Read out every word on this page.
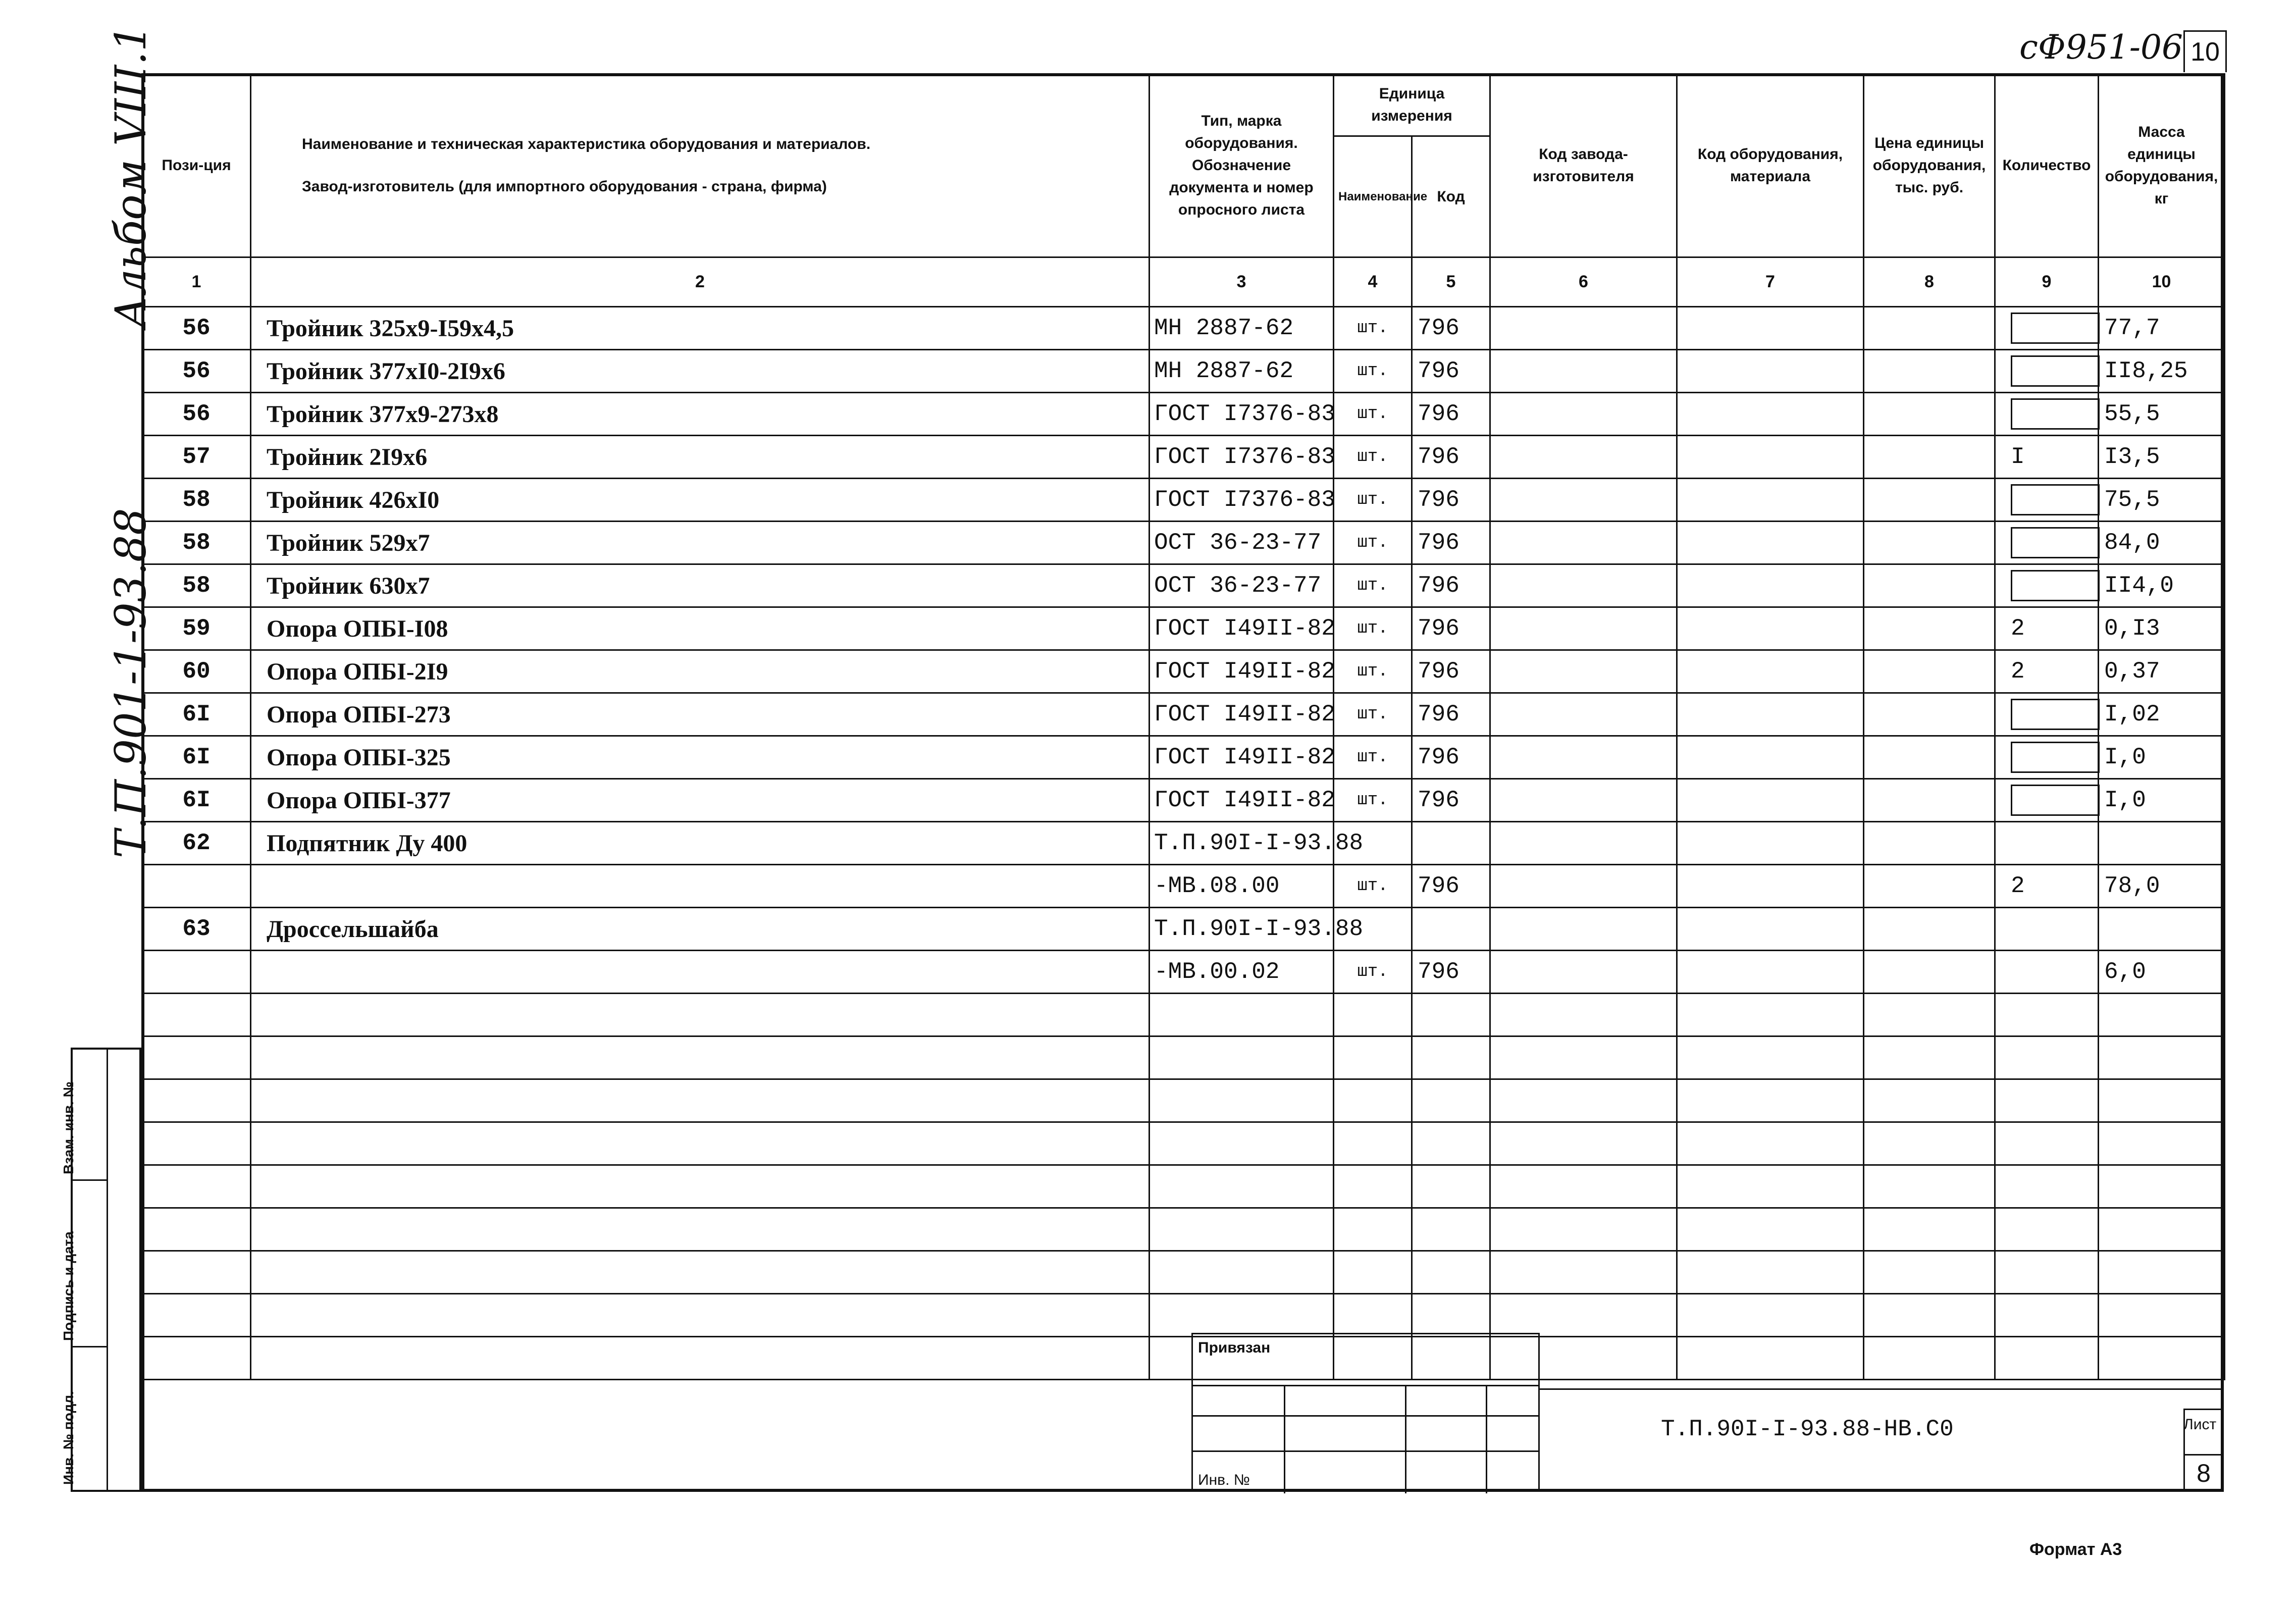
Альбом VIII.1
Т.П.901-1-93.88
сФ951-06 10
Пози-ция	Наименование и техническая характеристика оборудования и материалов.
Завод-изготовитель (для импортного оборудования - страна, фирма)	Тип, марка оборудования. Обозначение документа и номер опросного листа	Единица измерения		Код завода-изготовителя	Код оборудования, материала	Цена единицы оборудования, тыс. руб.	Количество	Масса единицы оборудования, кг
			Наименование	Код					
1	2	3	4	5	6	7	8	9	10
56	Тройник 325x9-I59x4,5	МН 2887-62	шт.	796					77,7
56	Тройник 377xI0-2I9x6	МН 2887-62	шт.	796					II8,25
56	Тройник 377x9-273x8	ГОСТ I7376-83	шт.	796					55,5
57	Тройник 2I9x6	ГОСТ I7376-83	шт.	796				I	I3,5
58	Тройник 426xI0	ГОСТ I7376-83	шт.	796					75,5
58	Тройник 529x7	ОСТ 36-23-77	шт.	796					84,0
58	Тройник 630x7	ОСТ 36-23-77	шт.	796					II4,0
59	Опора ОПБI-I08	ГОСТ I49II-82	шт.	796				2	0,I3
60	Опора ОПБI-2I9	ГОСТ I49II-82	шт.	796				2	0,37
6I	Опора ОПБI-273	ГОСТ I49II-82	шт.	796					I,02
6I	Опора ОПБI-325	ГОСТ I49II-82	шт.	796					I,0
6I	Опора ОПБI-377	ГОСТ I49II-82	шт.	796					I,0
62	Подпятник Ду 400	Т.П.90I-I-93.88							
		-МВ.08.00	шт.	796				2	78,0
63	Дроссельшайба	Т.П.90I-I-93.88							
		-МВ.00.02	шт.	796					6,0

Взам. инв. №
Подпись и дата
Инв. № подл.
Привязан
Инв. №
Т.П.90I-I-93.88-НВ.С0	Лист
8
Формат А3
